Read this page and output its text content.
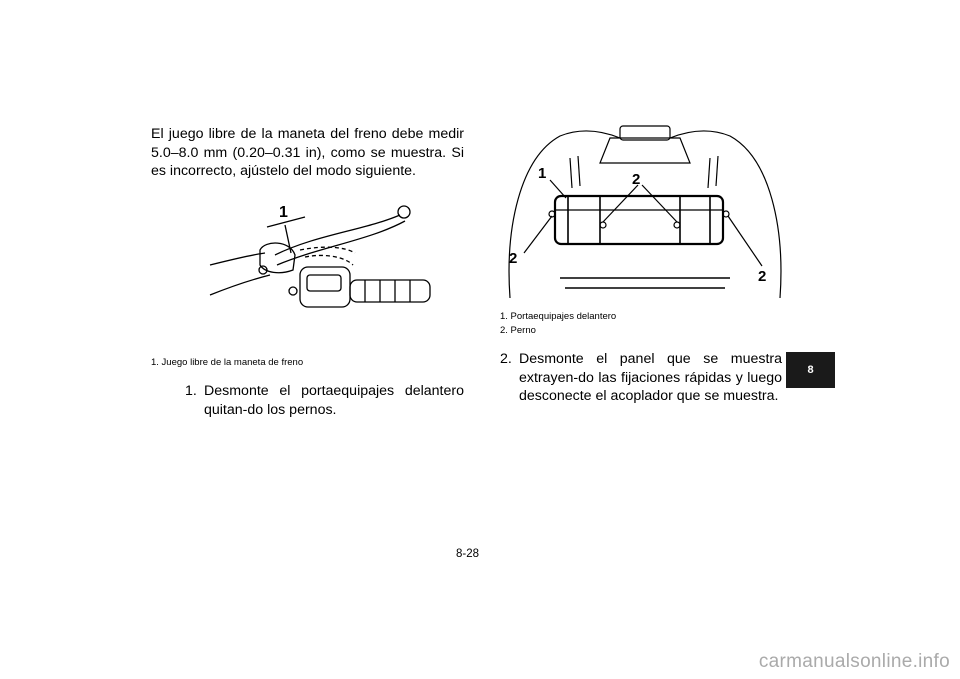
El juego libre de la maneta del freno debe medir 5.0–8.0 mm (0.20–0.31 in), como se muestra. Si es incorrecto, ajústelo del modo siguiente.

1
1	2
2
2

1. Juego libre de la maneta de freno

1. Portaequipajes delantero
2. Perno
1. Desmonte el portaequipajes delantero quitan-do los pernos.
2. Desmonte el panel que se muestra extrayen-do las fijaciones rápidas y luego desconecte el acoplador que se muestra.
8
8-28
carmanualsonline.info
